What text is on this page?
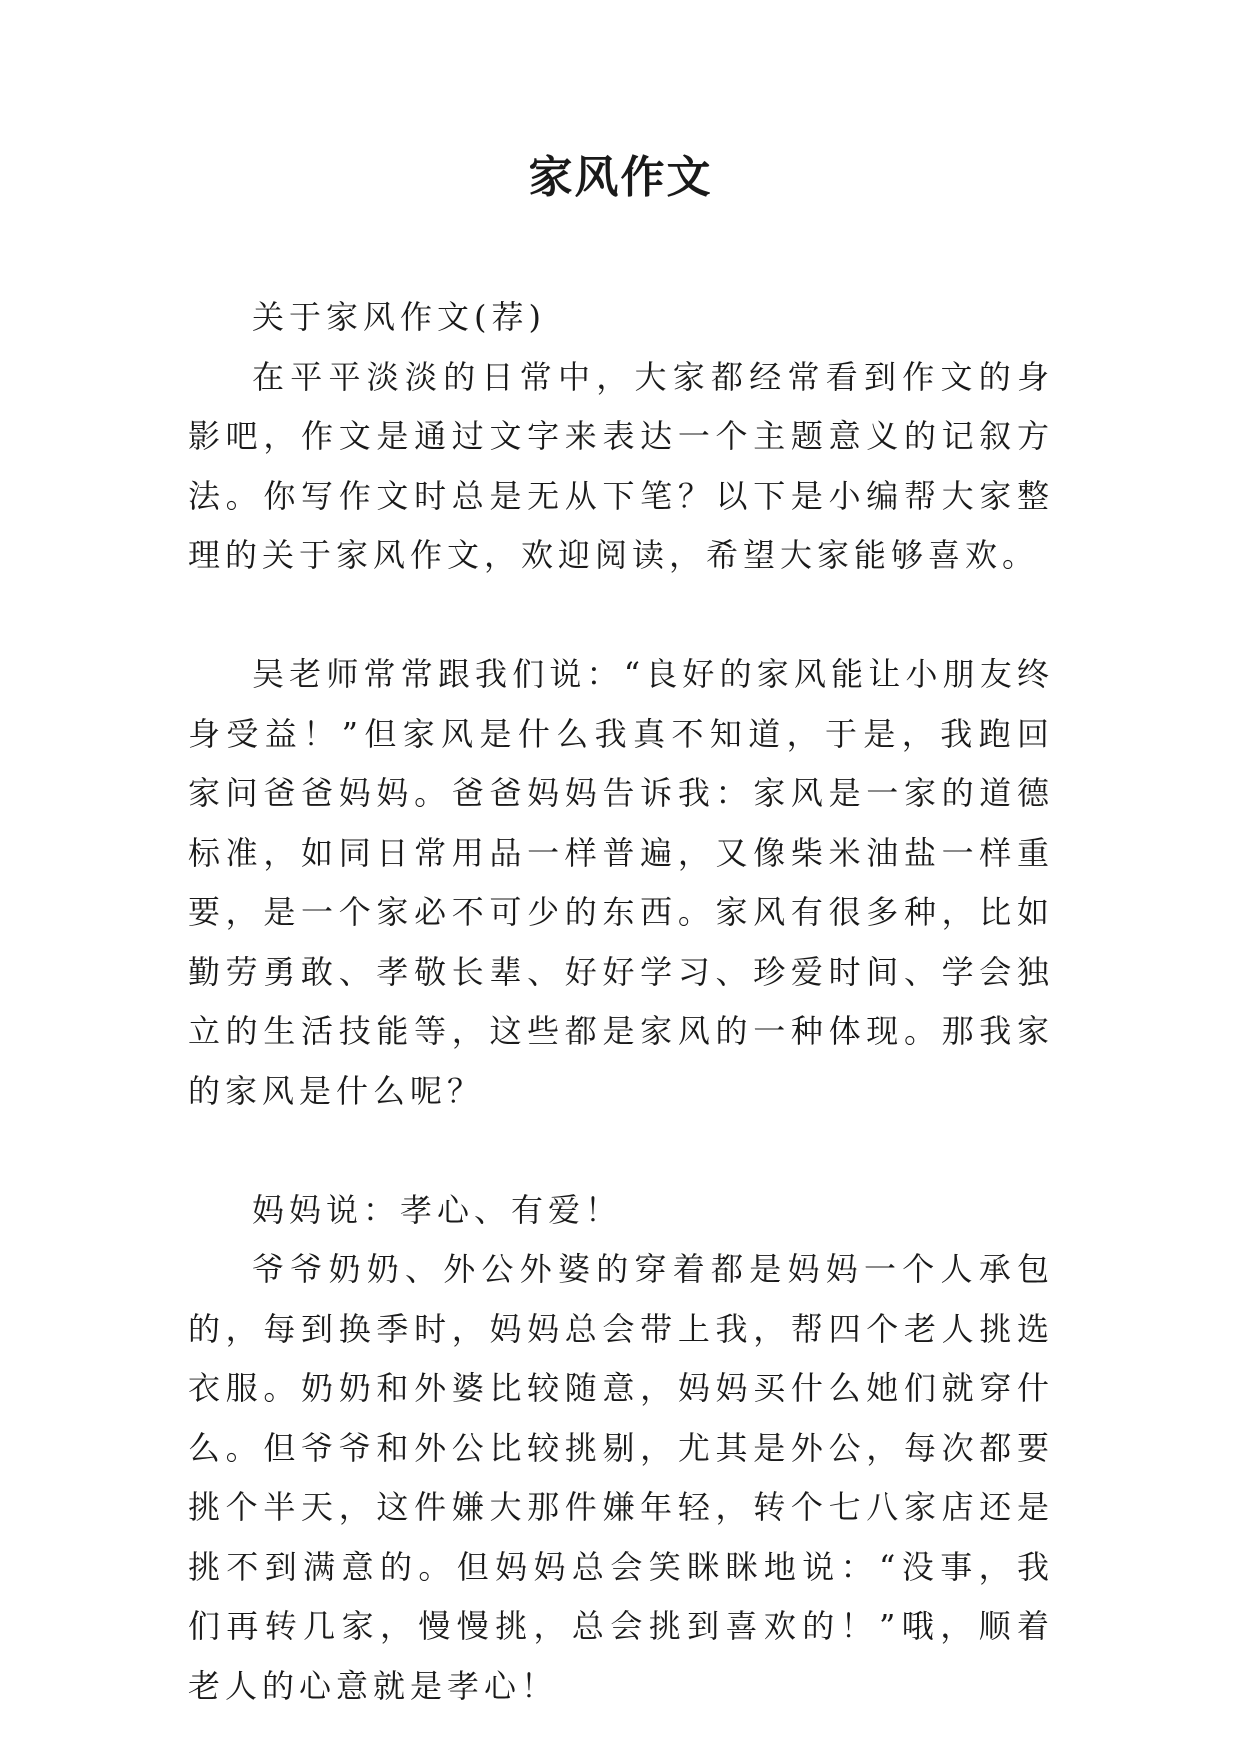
家风作文

关于家风作文(荐)

在平平淡淡的日常中，大家都经常看到作文的身影吧，作文是通过文字来表达一个主题意义的记叙方法。你写作文时总是无从下笔？以下是小编帮大家整理的关于家风作文，欢迎阅读，希望大家能够喜欢。

吴老师常常跟我们说：“良好的家风能让小朋友终身受益！”但家风是什么我真不知道，于是，我跑回家问爸爸妈妈。爸爸妈妈告诉我：家风是一家的道德标准，如同日常用品一样普遍，又像柴米油盐一样重要，是一个家必不可少的东西。家风有很多种，比如勤劳勇敢、孝敬长辈、好好学习、珍爱时间、学会独立的生活技能等，这些都是家风的一种体现。那我家的家风是什么呢？

妈妈说：孝心、有爱！

爷爷奶奶、外公外婆的穿着都是妈妈一个人承包的，每到换季时，妈妈总会带上我，帮四个老人挑选衣服。奶奶和外婆比较随意，妈妈买什么她们就穿什么。但爷爷和外公比较挑剔，尤其是外公，每次都要挑个半天，这件嫌大那件嫌年轻，转个七八家店还是挑不到满意的。但妈妈总会笑眯眯地说：“没事，我们再转几家，慢慢挑，总会挑到喜欢的！”哦，顺着老人的心意就是孝心！
